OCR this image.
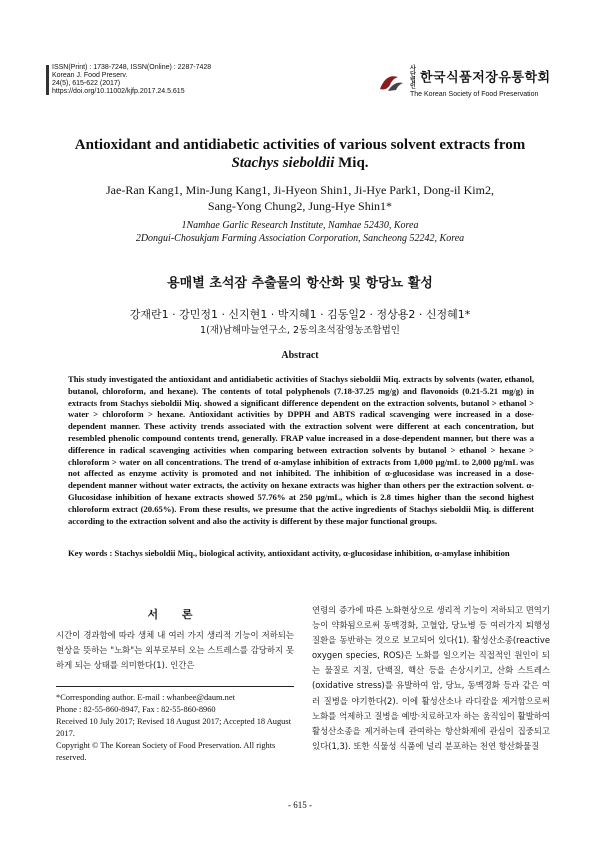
ISSN(Print) : 1738-7248, ISSN(Online) : 2287-7428
Korean J. Food Preserv.
24(5), 615-622 (2017)
https://doi.org/10.11002/kjfp.2017.24.5.615
사단 법인한국식품저장유통학회
The Korean Society of Food Preservation
Antioxidant and antidiabetic activities of various solvent extracts from
Stachys sieboldii Miq.
Jae-Ran Kang1, Min-Jung Kang1, Ji-Hyeon Shin1, Ji-Hye Park1, Dong-il Kim2,
Sang-Yong Chung2, Jung-Hye Shin1*
1Namhae Garlic Research Institute, Namhae 52430, Korea
2Dongui-Chosukjam Farming Association Corporation, Sancheong 52242, Korea
용매별 초석잠 추출물의 항산화 및 항당뇨 활성
강재란1 · 강민정1 · 신지현1 · 박지혜1 · 김동일2 · 정상용2 · 신정혜1*
1(재)남해마늘연구소, 2동의초석잠영농조합법인
Abstract
This study investigated the antioxidant and antidiabetic activities of Stachys sieboldii Miq. extracts by solvents (water, ethanol, butanol, chloroform, and hexane). The contents of total polyphenols (7.18-37.25 mg/g) and flavonoids (0.21-5.21 mg/g) in extracts from Stachys sieboldii Miq. showed a significant difference dependent on the extraction solvents, butanol > ethanol > water > chloroform > hexane. Antioxidant activities by DPPH and ABTS radical scavenging were increased in a dose-dependent manner. These activity trends associated with the extraction solvent were different at each concentration, but resembled phenolic compound contents trend, generally. FRAP value increased in a dose-dependent manner, but there was a difference in radical scavenging activities when comparing between extraction solvents by butanol > ethanol > hexane > chloroform > water on all concentrations. The trend of α-amylase inhibition of extracts from 1,000 μg/mL to 2,000 μg/mL was not affected as enzyme activity is promoted and not inhibited. The inhibition of α-glucosidase was increased in a dose-dependent manner without water extracts, the activity on hexane extracts was higher than others per the extraction solvent. α-Glucosidase inhibition of hexane extracts showed 57.76% at 250 μg/mL, which is 2.8 times higher than the second highest chloroform extract (20.65%). From these results, we presume that the active ingredients of Stachys sieboldii Miq. is different according to the extraction solvent and also the activity is different by these major functional groups.
Key words : Stachys sieboldii Miq., biological activity, antioxidant activity, α-glucosidase inhibition, α-amylase inhibition
서 론
시간이 경과함에 따라 생체 내 여러 가지 생리적 기능이 저하되는 현상을 뜻하는 "노화"는 외부로부터 오는 스트레스를 감당하지 못하게 되는 상태를 의미한다(1). 인간은
연령의 증가에 따른 노화현상으로 생리적 기능이 저하되고 면역기능이 약화됨으로써 동맥경화, 고혈압, 당뇨병 등 여러가지 퇴행성 질환을 동반하는 것으로 보고되어 있다(1). 활성산소종(reactive oxygen species, ROS)은 노화를 일으키는 직접적인 원인이 되는 물질로 지질, 단백질, 핵산 등을 손상시키고, 산화 스트레스(oxidative stress)를 유발하여 암, 당뇨, 동맥경화 등과 같은 여러 질병을 야기한다(2). 이에 활성산소나 라디칼을 제거함으로써 노화를 억제하고 질병을 예방·치료하고자 하는 움직임이 활발하여 활성산소종을 제거하는데 관여하는 항산화제에 관심이 집중되고 있다(1,3). 또한 식물성 식품에 널리 분포하는 천연 항산화물질
*Corresponding author. E-mail : whanbee@daum.net
Phone : 82-55-860-8947, Fax : 82-55-860-8960
Received 10 July 2017; Revised 18 August 2017; Accepted 18 August 2017.
Copyright © The Korean Society of Food Preservation. All rights reserved.
- 615 -
